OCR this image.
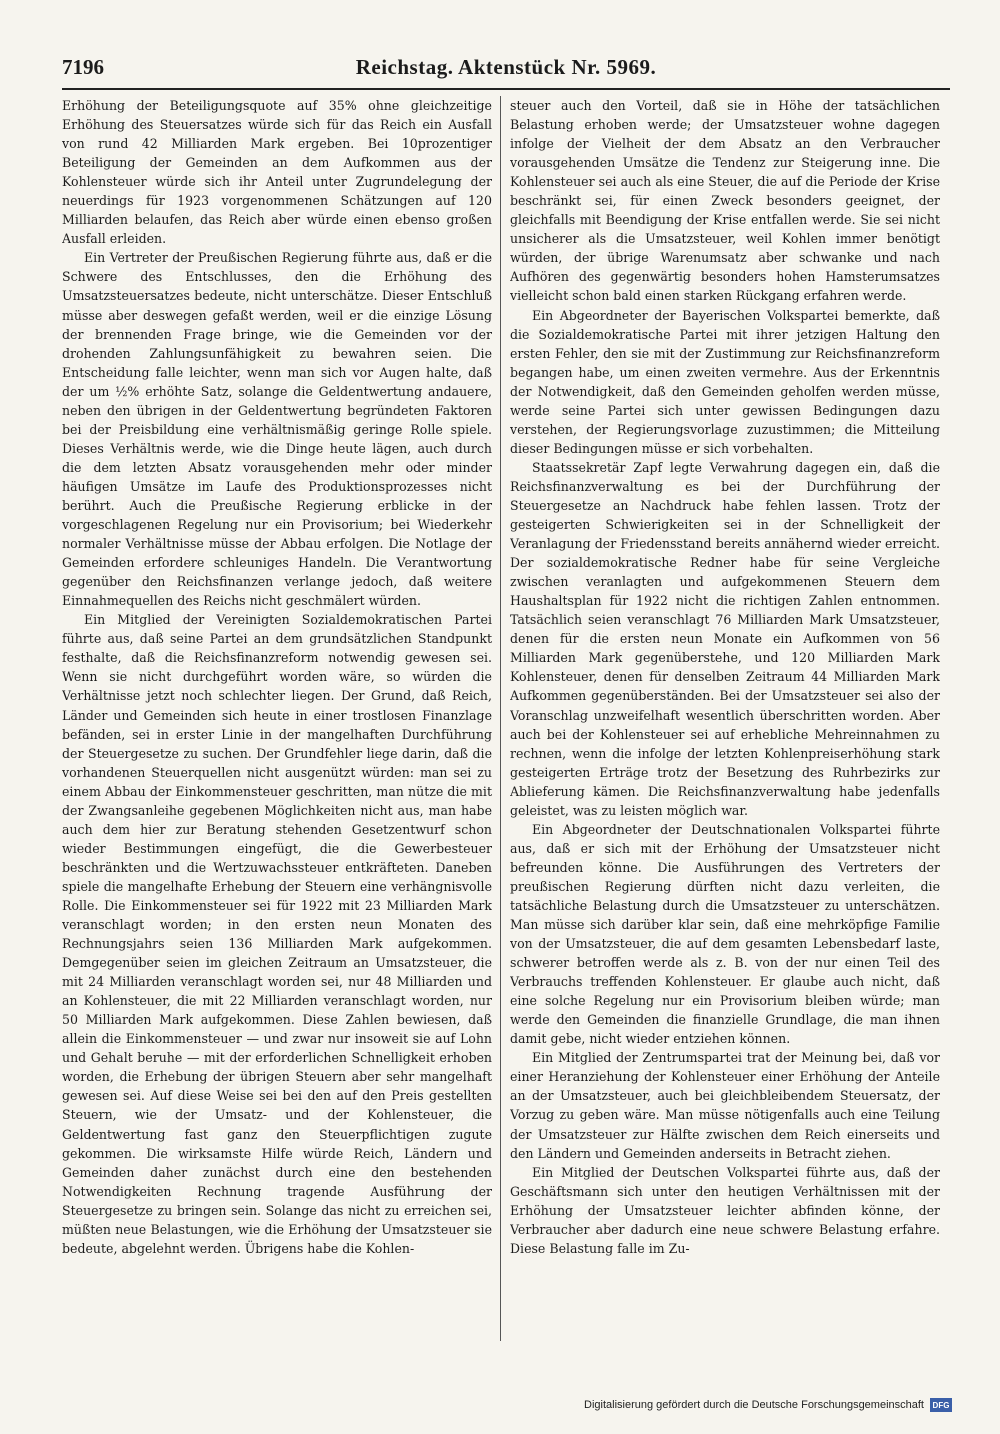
7196	Reichstag. Aktenstück Nr. 5969.

Erhöhung der Beteiligungsquote auf 35% ohne gleichzeitige Erhöhung des Steuersatzes würde sich für das Reich ein Ausfall von rund 42 Milliarden Mark ergeben. Bei 10prozentiger Beteiligung der Gemeinden an dem Aufkommen aus der Kohlensteuer würde sich ihr Anteil unter Zugrundelegung der neuerdings für 1923 vorgenommenen Schätzungen auf 120 Milliarden belaufen, das Reich aber würde einen ebenso großen Ausfall erleiden.

Ein Vertreter der Preußischen Regierung führte aus, daß er die Schwere des Entschlusses, den die Erhöhung des Umsatzsteuersatzes bedeute, nicht unterschätze. Dieser Entschluß müsse aber deswegen gefaßt werden, weil er die einzige Lösung der brennenden Frage bringe, wie die Gemeinden vor der drohenden Zahlungsunfähigkeit zu bewahren seien. Die Entscheidung falle leichter, wenn man sich vor Augen halte, daß der um ½% erhöhte Satz, solange die Geldentwertung andauere, neben den übrigen in der Geldentwertung begründeten Faktoren bei der Preisbildung eine verhältnismäßig geringe Rolle spiele. Dieses Verhältnis werde, wie die Dinge heute lägen, auch durch die dem letzten Absatz vorausgehenden mehr oder minder häufigen Umsätze im Laufe des Produktionsprozesses nicht berührt. Auch die Preußische Regierung erblicke in der vorgeschlagenen Regelung nur ein Provisorium; bei Wiederkehr normaler Verhältnisse müsse der Abbau erfolgen. Die Notlage der Gemeinden erfordere schleuniges Handeln. Die Verantwortung gegenüber den Reichsfinanzen verlange jedoch, daß weitere Einnahmequellen des Reichs nicht geschmälert würden.

Ein Mitglied der Vereinigten Sozialdemokratischen Partei führte aus, daß seine Partei an dem grundsätzlichen Standpunkt festhalte, daß die Reichsfinanzreform notwendig gewesen sei. Wenn sie nicht durchgeführt worden wäre, so würden die Verhältnisse jetzt noch schlechter liegen. Der Grund, daß Reich, Länder und Gemeinden sich heute in einer trostlosen Finanzlage befänden, sei in erster Linie in der mangelhaften Durchführung der Steuergesetze zu suchen. Der Grundfehler liege darin, daß die vorhandenen Steuerquellen nicht ausgenützt würden: man sei zu einem Abbau der Einkommensteuer geschritten, man nütze die mit der Zwangsanleihe gegebenen Möglichkeiten nicht aus, man habe auch dem hier zur Beratung stehenden Gesetzentwurf schon wieder Bestimmungen eingefügt, die die Gewerbesteuer beschränkten und die Wertzuwachssteuer entkräfteten. Daneben spiele die mangelhafte Erhebung der Steuern eine verhängnisvolle Rolle. Die Einkommensteuer sei für 1922 mit 23 Milliarden Mark veranschlagt worden; in den ersten neun Monaten des Rechnungsjahrs seien 136 Milliarden Mark aufgekommen. Demgegenüber seien im gleichen Zeitraum an Umsatzsteuer, die mit 24 Milliarden veranschlagt worden sei, nur 48 Milliarden und an Kohlensteuer, die mit 22 Milliarden veranschlagt worden, nur 50 Milliarden Mark aufgekommen. Diese Zahlen bewiesen, daß allein die Einkommensteuer — und zwar nur insoweit sie auf Lohn und Gehalt beruhe — mit der erforderlichen Schnelligkeit erhoben worden, die Erhebung der übrigen Steuern aber sehr mangelhaft gewesen sei. Auf diese Weise sei bei den auf den Preis gestellten Steuern, wie der Umsatz- und der Kohlensteuer, die Geldentwertung fast ganz den Steuerpflichtigen zugute gekommen. Die wirksamste Hilfe würde Reich, Ländern und Gemeinden daher zunächst durch eine den bestehenden Notwendigkeiten Rechnung tragende Ausführung der Steuergesetze zu bringen sein. Solange das nicht zu erreichen sei, müßten neue Belastungen, wie die Erhöhung der Umsatzsteuer sie bedeute, abgelehnt werden. Übrigens habe die Kohlen-

steuer auch den Vorteil, daß sie in Höhe der tatsächlichen Belastung erhoben werde; der Umsatzsteuer wohne dagegen infolge der Vielheit der dem Absatz an den Verbraucher vorausgehenden Umsätze die Tendenz zur Steigerung inne. Die Kohlensteuer sei auch als eine Steuer, die auf die Periode der Krise beschränkt sei, für einen Zweck besonders geeignet, der gleichfalls mit Beendigung der Krise entfallen werde. Sie sei nicht unsicherer als die Umsatzsteuer, weil Kohlen immer benötigt würden, der übrige Warenumsatz aber schwanke und nach Aufhören des gegenwärtig besonders hohen Hamsterumsatzes vielleicht schon bald einen starken Rückgang erfahren werde.

Ein Abgeordneter der Bayerischen Volkspartei bemerkte, daß die Sozialdemokratische Partei mit ihrer jetzigen Haltung den ersten Fehler, den sie mit der Zustimmung zur Reichsfinanzreform begangen habe, um einen zweiten vermehre. Aus der Erkenntnis der Notwendigkeit, daß den Gemeinden geholfen werden müsse, werde seine Partei sich unter gewissen Bedingungen dazu verstehen, der Regierungsvorlage zuzustimmen; die Mitteilung dieser Bedingungen müsse er sich vorbehalten.

Staatssekretär Zapf legte Verwahrung dagegen ein, daß die Reichsfinanzverwaltung es bei der Durchführung der Steuergesetze an Nachdruck habe fehlen lassen. Trotz der gesteigerten Schwierigkeiten sei in der Schnelligkeit der Veranlagung der Friedensstand bereits annähernd wieder erreicht. Der sozialdemokratische Redner habe für seine Vergleiche zwischen veranlagten und aufgekommenen Steuern dem Haushaltsplan für 1922 nicht die richtigen Zahlen entnommen. Tatsächlich seien veranschlagt 76 Milliarden Mark Umsatzsteuer, denen für die ersten neun Monate ein Aufkommen von 56 Milliarden Mark gegenüberstehe, und 120 Milliarden Mark Kohlensteuer, denen für denselben Zeitraum 44 Milliarden Mark Aufkommen gegenüberständen. Bei der Umsatzsteuer sei also der Voranschlag unzweifelhaft wesentlich überschritten worden. Aber auch bei der Kohlensteuer sei auf erhebliche Mehreinnahmen zu rechnen, wenn die infolge der letzten Kohlenpreiserhöhung stark gesteigerten Erträge trotz der Besetzung des Ruhrbezirks zur Ablieferung kämen. Die Reichsfinanzverwaltung habe jedenfalls geleistet, was zu leisten möglich war.

Ein Abgeordneter der Deutschnationalen Volkspartei führte aus, daß er sich mit der Erhöhung der Umsatzsteuer nicht befreunden könne. Die Ausführungen des Vertreters der preußischen Regierung dürften nicht dazu verleiten, die tatsächliche Belastung durch die Umsatzsteuer zu unterschätzen. Man müsse sich darüber klar sein, daß eine mehrköpfige Familie von der Umsatzsteuer, die auf dem gesamten Lebensbedarf laste, schwerer betroffen werde als z. B. von der nur einen Teil des Verbrauchs treffenden Kohlensteuer. Er glaube auch nicht, daß eine solche Regelung nur ein Provisorium bleiben würde; man werde den Gemeinden die finanzielle Grundlage, die man ihnen damit gebe, nicht wieder entziehen können.

Ein Mitglied der Zentrumspartei trat der Meinung bei, daß vor einer Heranziehung der Kohlensteuer einer Erhöhung der Anteile an der Umsatzsteuer, auch bei gleichbleibendem Steuersatz, der Vorzug zu geben wäre. Man müsse nötigenfalls auch eine Teilung der Umsatzsteuer zur Hälfte zwischen dem Reich einerseits und den Ländern und Gemeinden anderseits in Betracht ziehen.

Ein Mitglied der Deutschen Volkspartei führte aus, daß der Geschäftsmann sich unter den heutigen Verhältnissen mit der Erhöhung der Umsatzsteuer leichter abfinden könne, der Verbraucher aber dadurch eine neue schwere Belastung erfahre. Diese Belastung falle im Zu-

Digitalisierung gefördert durch die Deutsche Forschungsgemeinschaft	DFG
